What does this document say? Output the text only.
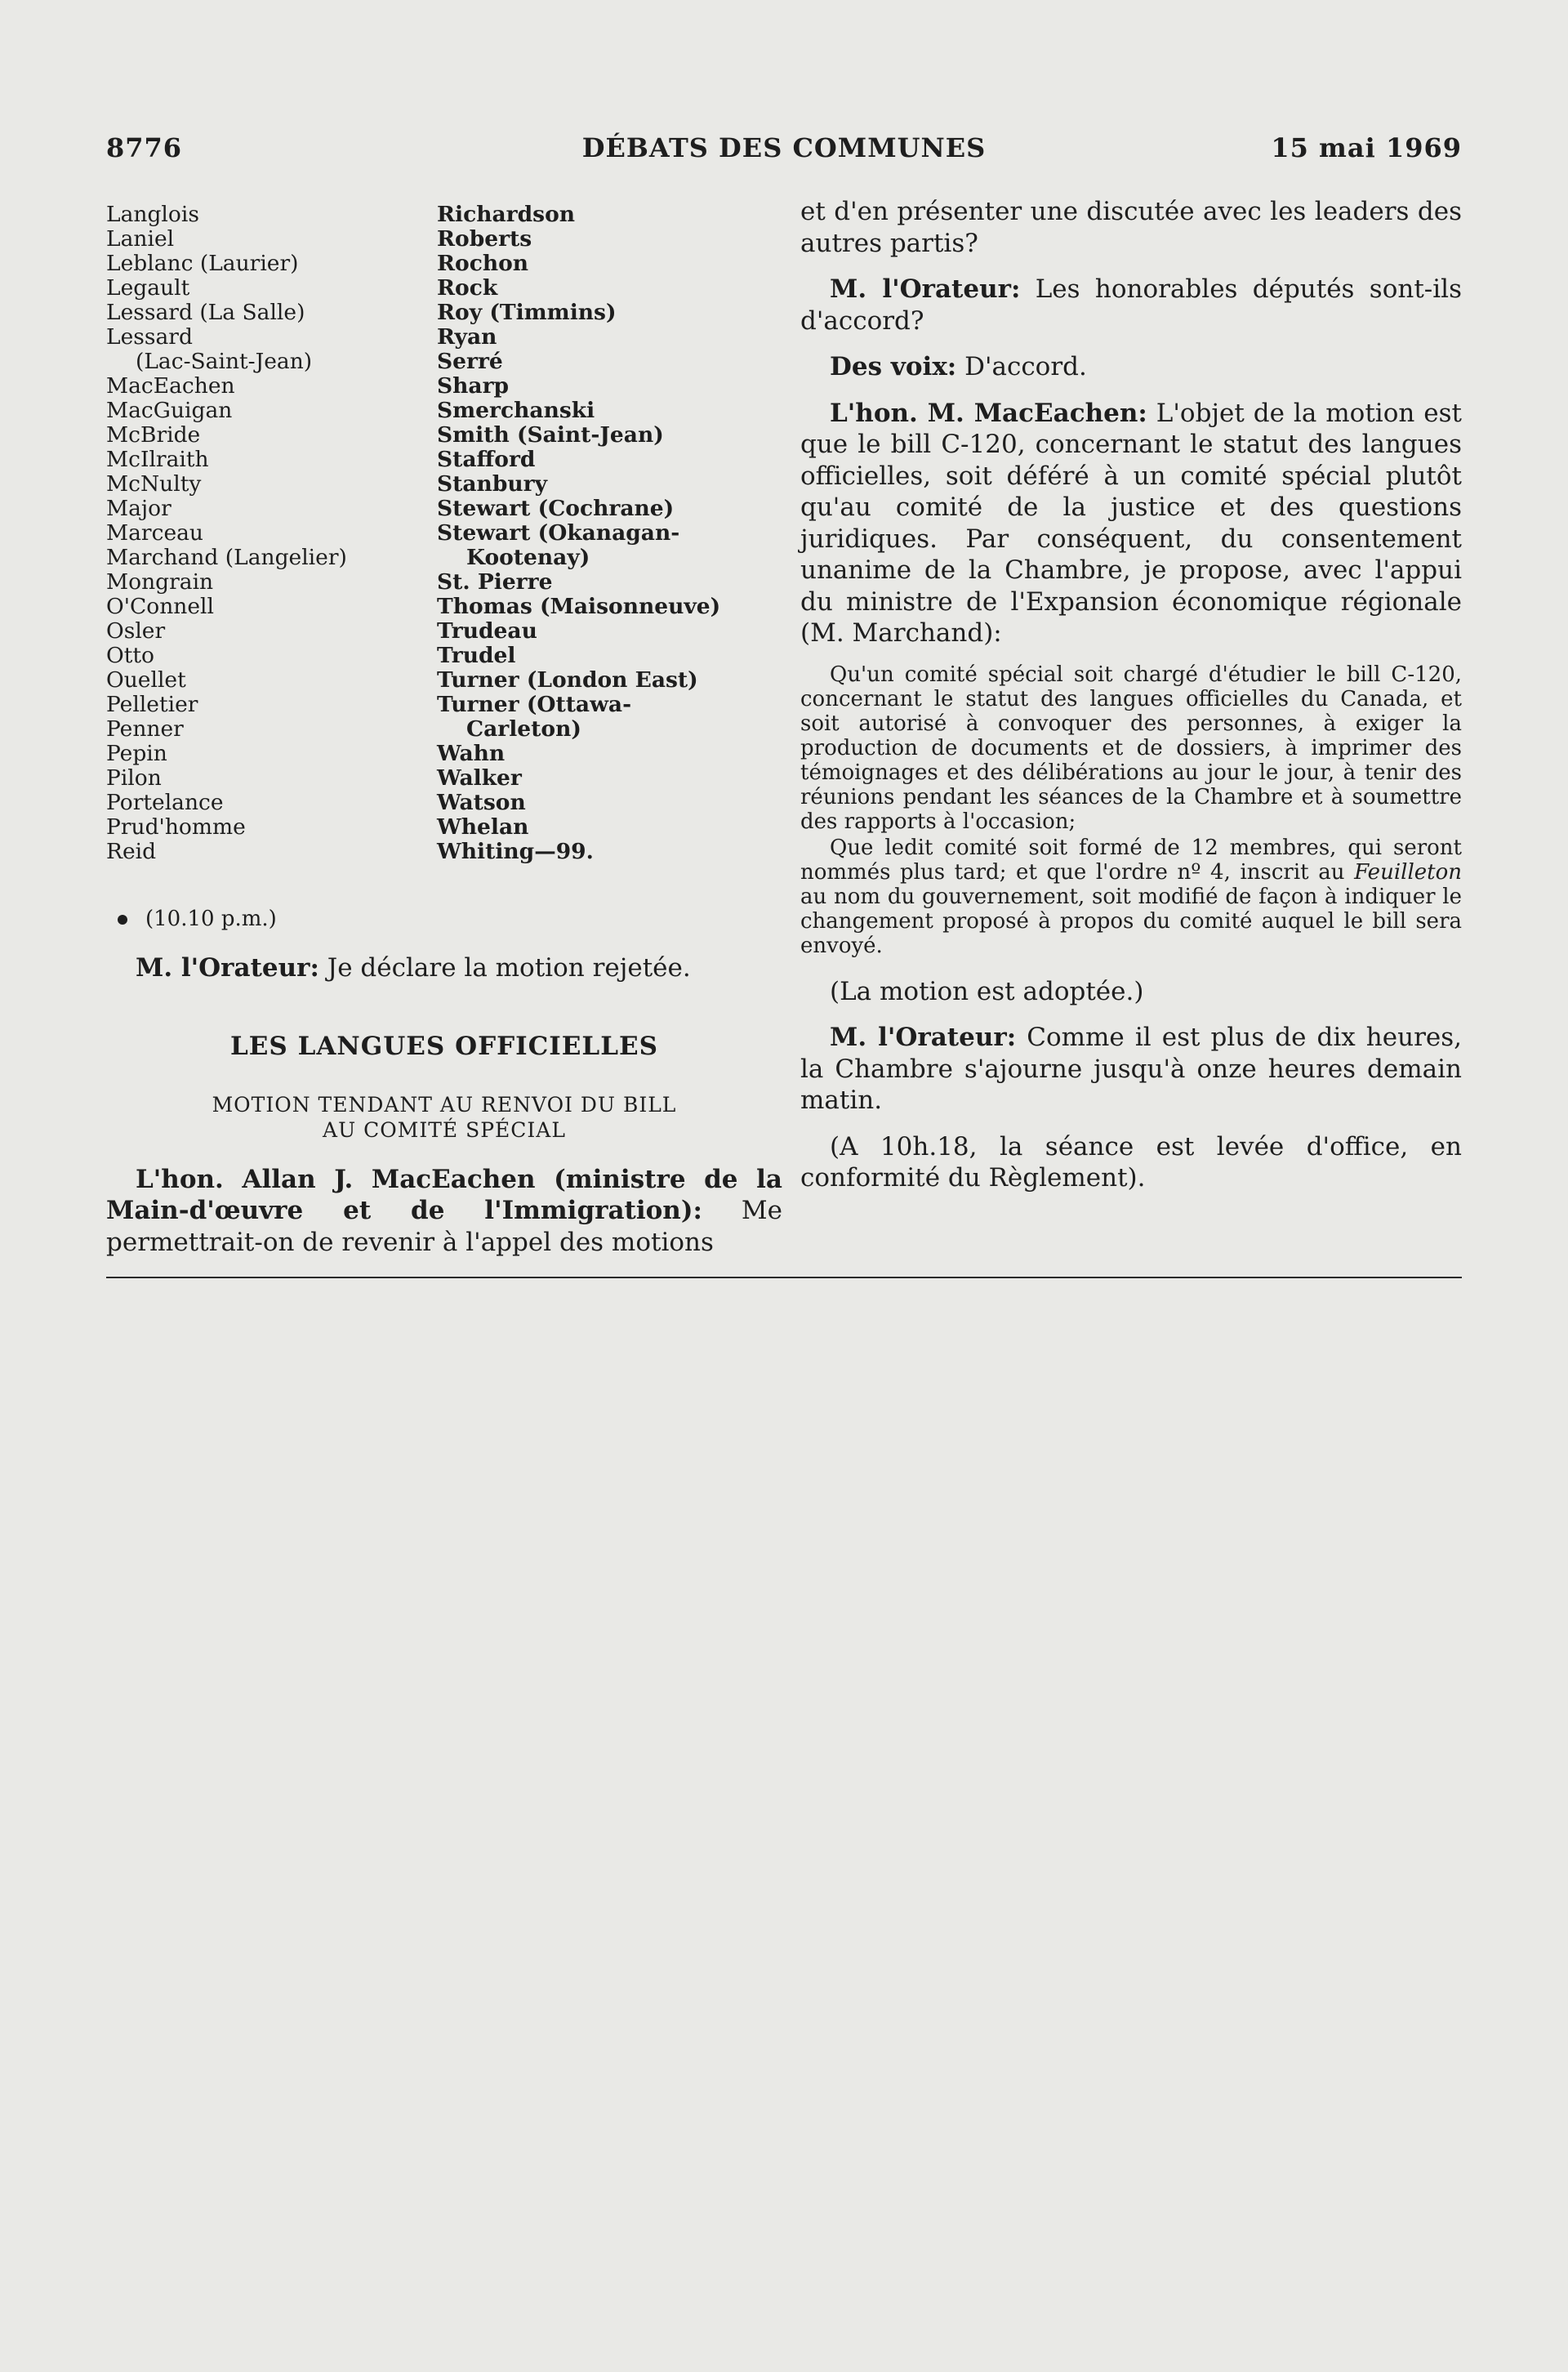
8776	DÉBATS DES COMMUNES	15 mai 1969
Langlois
Laniel
Leblanc (Laurier)
Legault
Lessard (La Salle)
Lessard
(Lac-Saint-Jean)
MacEachen
MacGuigan
McBride
McIlraith
McNulty
Major
Marceau
Marchand (Langelier)
Mongrain
O'Connell
Osler
Otto
Ouellet
Pelletier
Penner
Pepin
Pilon
Portelance
Prud'homme
Reid
Richardson
Roberts
Rochon
Rock
Roy (Timmins)
Ryan
Serré
Sharp
Smerchanski
Smith (Saint-Jean)
Stafford
Stanbury
Stewart (Cochrane)
Stewart (Okanagan-
Kootenay)
St. Pierre
Thomas (Maisonneuve)
Trudeau
Trudel
Turner (London East)
Turner (Ottawa-
Carleton)
Wahn
Walker
Watson
Whelan
Whiting—99.
(10.10 p.m.)

M. l'Orateur: Je déclare la motion rejetée.

LES LANGUES OFFICIELLES
MOTION TENDANT AU RENVOI DU BILL
AU COMITÉ SPÉCIAL

L'hon. Allan J. MacEachen (ministre de la Main-d'œuvre et de l'Immigration): Me permettrait-on de revenir à l'appel des motions

et d'en présenter une discutée avec les leaders des autres partis?

M. l'Orateur: Les honorables députés sont-ils d'accord?

Des voix: D'accord.

L'hon. M. MacEachen: L'objet de la motion est que le bill C-120, concernant le statut des langues officielles, soit déféré à un comité spécial plutôt qu'au comité de la justice et des questions juridiques. Par conséquent, du consentement unanime de la Chambre, je propose, avec l'appui du ministre de l'Expansion économique régionale (M. Marchand):

Qu'un comité spécial soit chargé d'étudier le bill C-120, concernant le statut des langues officielles du Canada, et soit autorisé à convoquer des personnes, à exiger la production de documents et de dossiers, à imprimer des témoignages et des délibérations au jour le jour, à tenir des réunions pendant les séances de la Chambre et à soumettre des rapports à l'occasion;

Que ledit comité soit formé de 12 membres, qui seront nommés plus tard; et que l'ordre nº 4, inscrit au Feuilleton au nom du gouvernement, soit modifié de façon à indiquer le changement proposé à propos du comité auquel le bill sera envoyé.

(La motion est adoptée.)

M. l'Orateur: Comme il est plus de dix heures, la Chambre s'ajourne jusqu'à onze heures demain matin.

(A 10h.18, la séance est levée d'office, en conformité du Règlement).
